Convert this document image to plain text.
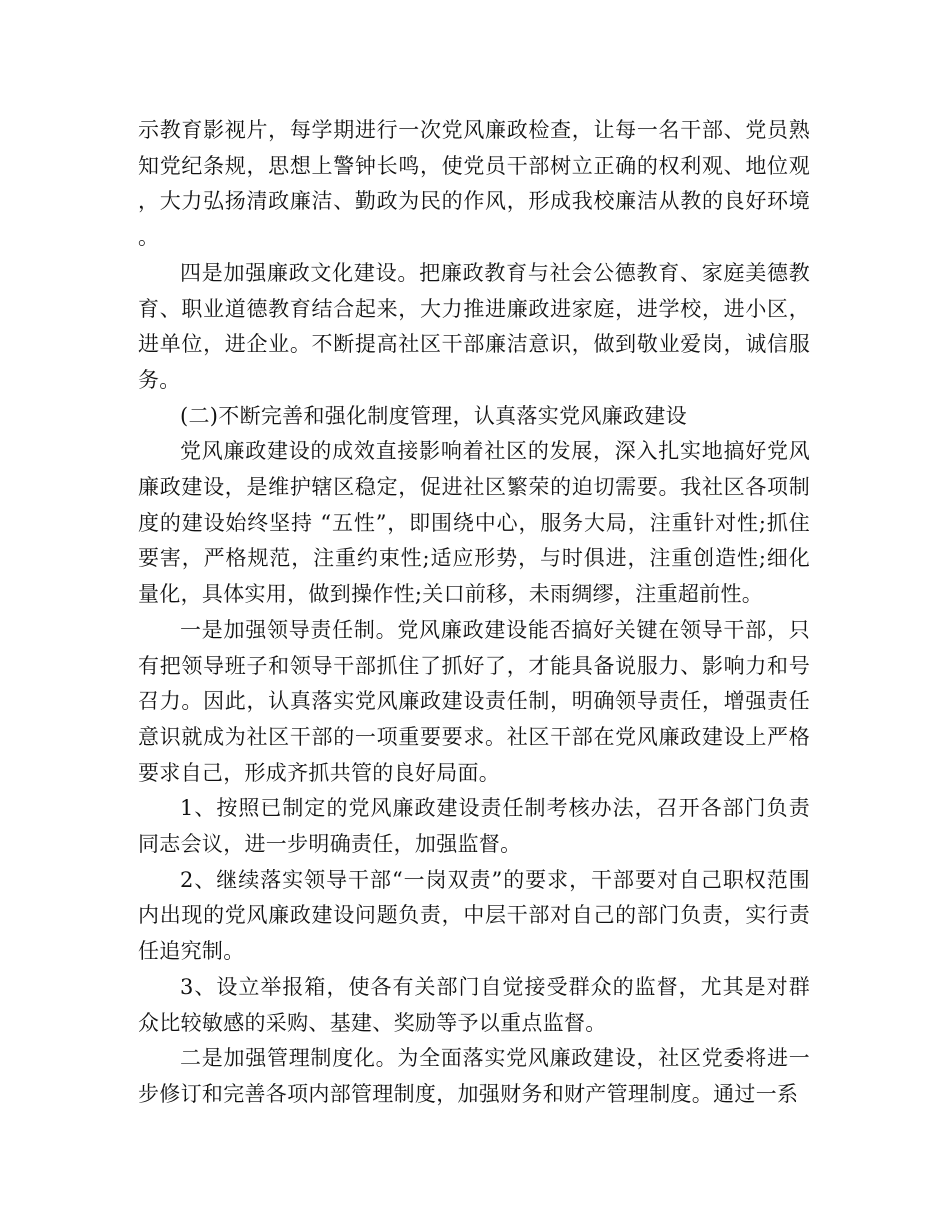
示教育影视片，每学期进行一次党风廉政检查，让每一名干部、党员熟知党纪条规，思想上警钟长鸣，使党员干部树立正确的权利观、地位观，大力弘扬清政廉洁、勤政为民的作风，形成我校廉洁从教的良好环境。

四是加强廉政文化建设。把廉政教育与社会公德教育、家庭美德教育、职业道德教育结合起来，大力推进廉政进家庭，进学校，进小区，进单位，进企业。不断提高社区干部廉洁意识，做到敬业爱岗，诚信服务。

(二)不断完善和强化制度管理，认真落实党风廉政建设

党风廉政建设的成效直接影响着社区的发展，深入扎实地搞好党风廉政建设，是维护辖区稳定，促进社区繁荣的迫切需要。我社区各项制度的建设始终坚持 “五性”，即围绕中心，服务大局，注重针对性;抓住要害，严格规范，注重约束性;适应形势，与时俱进，注重创造性;细化量化，具体实用，做到操作性;关口前移，未雨绸缪，注重超前性。

一是加强领导责任制。党风廉政建设能否搞好关键在领导干部，只有把领导班子和领导干部抓住了抓好了，才能具备说服力、影响力和号召力。因此，认真落实党风廉政建设责任制，明确领导责任，增强责任意识就成为社区干部的一项重要要求。社区干部在党风廉政建设上严格要求自己，形成齐抓共管的良好局面。

1、按照已制定的党风廉政建设责任制考核办法，召开各部门负责同志会议，进一步明确责任，加强监督。

2、继续落实领导干部“一岗双责”的要求，干部要对自己职权范围内出现的党风廉政建设问题负责，中层干部对自己的部门负责，实行责任追究制。

3、设立举报箱，使各有关部门自觉接受群众的监督，尤其是对群众比较敏感的采购、基建、奖励等予以重点监督。

二是加强管理制度化。为全面落实党风廉政建设，社区党委将进一步修订和完善各项内部管理制度，加强财务和财产管理制度。通过一系
